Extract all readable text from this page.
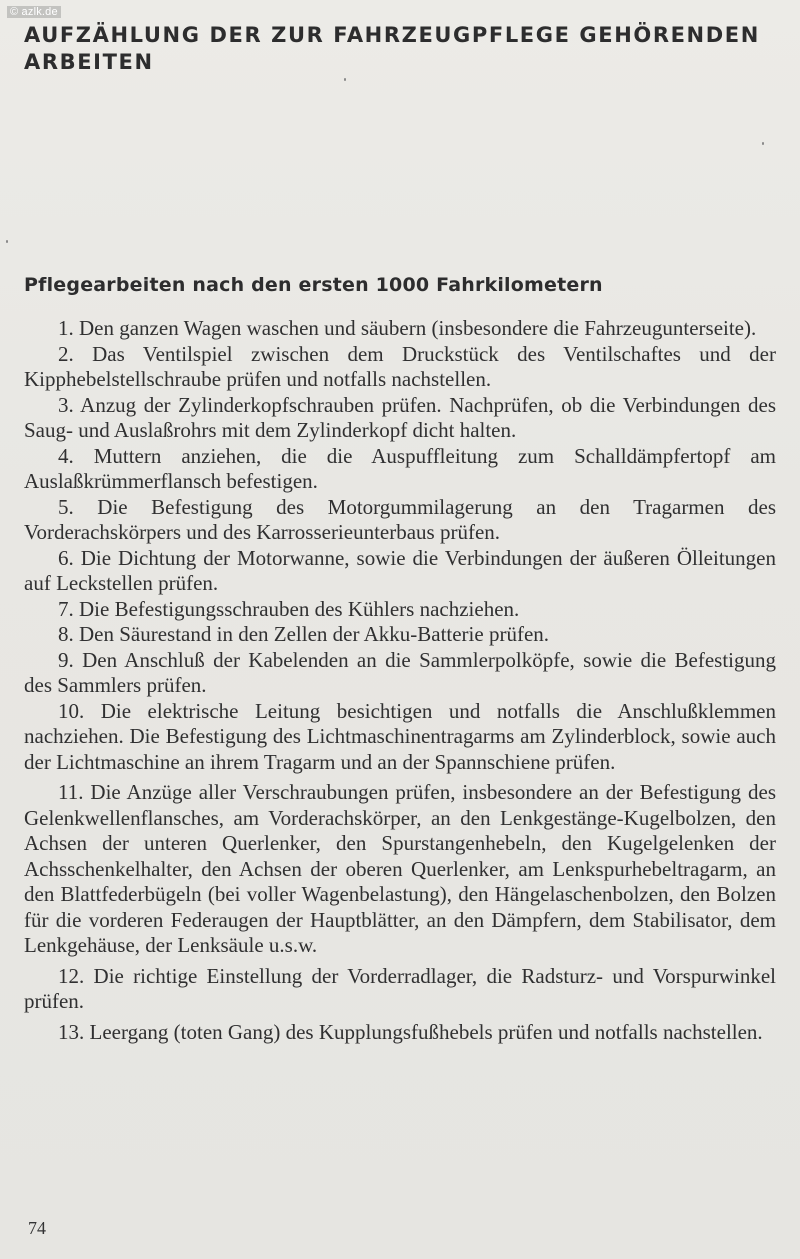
© azlk.de
AUFZÄHLUNG DER ZUR FAHRZEUGPFLEGE GEHÖRENDEN ARBEITEN
Pflegearbeiten nach den ersten 1000 Fahrkilometern

1. Den ganzen Wagen waschen und säubern (insbesondere die Fahrzeugunterseite).

2. Das Ventilspiel zwischen dem Druckstück des Ventilschaftes und der Kipphebelstellschraube prüfen und notfalls nachstellen.

3. Anzug der Zylinderkopfschrauben prüfen. Nachprüfen, ob die Verbindungen des Saug- und Auslaßrohrs mit dem Zylinderkopf dicht halten.

4. Muttern anziehen, die die Auspuffleitung zum Schalldämpfertopf am Auslaßkrümmerflansch befestigen.

5. Die Befestigung des Motorgummilagerung an den Tragarmen des Vorderachskörpers und des Karrosserieunterbaus prüfen.

6. Die Dichtung der Motorwanne, sowie die Verbindungen der äußeren Ölleitungen auf Leckstellen prüfen.

7. Die Befestigungsschrauben des Kühlers nachziehen.

8. Den Säurestand in den Zellen der Akku-Batterie prüfen.

9. Den Anschluß der Kabelenden an die Sammlerpolköpfe, sowie die Befestigung des Sammlers prüfen.

10. Die elektrische Leitung besichtigen und notfalls die Anschlußklemmen nachziehen. Die Befestigung des Lichtmaschinentragarms am Zylinderblock, sowie auch der Lichtmaschine an ihrem Tragarm und an der Spannschiene prüfen.

11. Die Anzüge aller Verschraubungen prüfen, insbesondere an der Befestigung des Gelenkwellenflansches, am Vorderachskörper, an den Lenkgestänge-Kugelbolzen, den Achsen der unteren Querlenker, den Spurstangenhebeln, den Kugelgelenken der Achsschenkelhalter, den Achsen der oberen Querlenker, am Lenkspurhebeltragarm, an den Blattfederbügeln (bei voller Wagenbelastung), den Hängelaschenbolzen, den Bolzen für die vorderen Federaugen der Hauptblätter, an den Dämpfern, dem Stabilisator, dem Lenkgehäuse, der Lenksäule u.s.w.

12. Die richtige Einstellung der Vorderradlager, die Radsturz- und Vorspurwinkel prüfen.

13. Leergang (toten Gang) des Kupplungsfußhebels prüfen und notfalls nachstellen.

74
